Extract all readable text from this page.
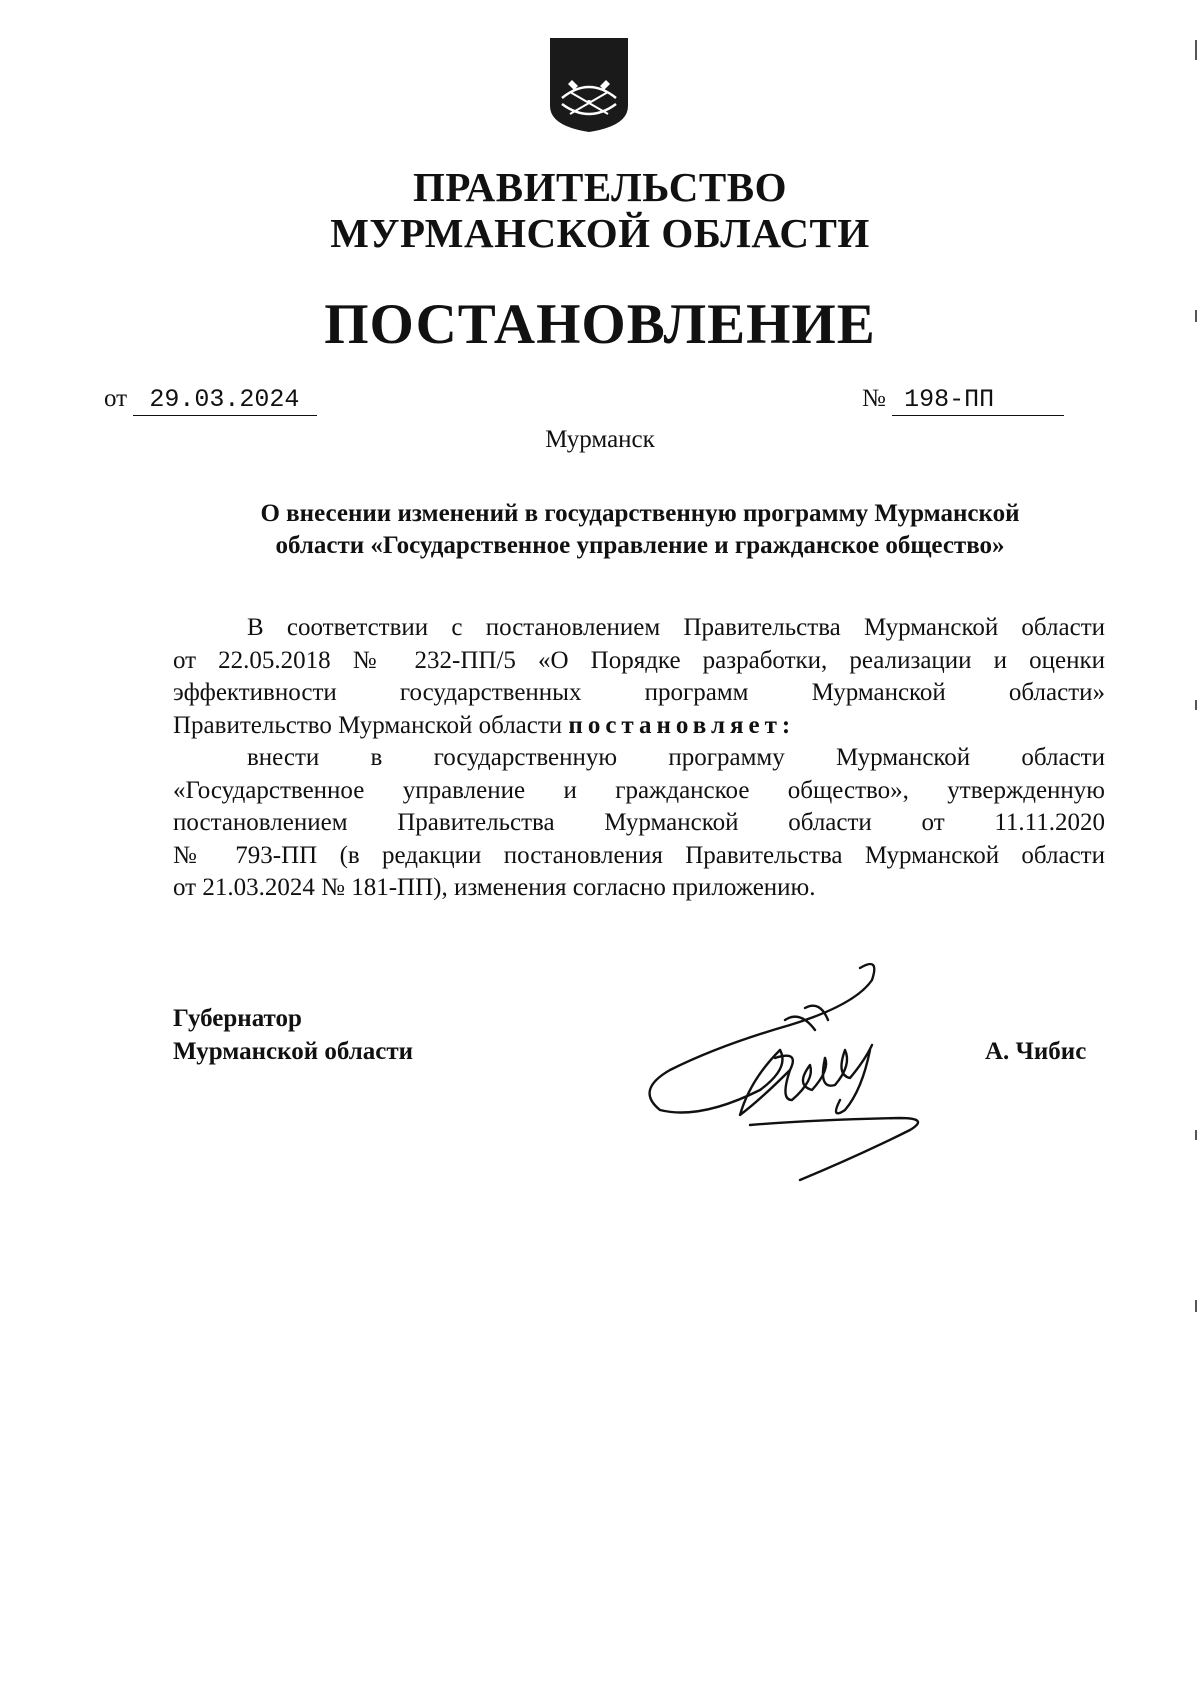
ПРАВИТЕЛЬСТВО
МУРМАНСКОЙ ОБЛАСТИ
ПОСТАНОВЛЕНИЕ
от 29.03.2024	№ 198-ПП
Мурманск
О внесении изменений в государственную программу Мурманской
области «Государственное управление и гражданское общество»
В соответствии с постановлением Правительства Мурманской области
от 22.05.2018 № 232-ПП/5 «О Порядке разработки, реализации и оценки
эффективности государственных программ Мурманской области»
Правительство Мурманской области постановляет:
внести в государственную программу Мурманской области
«Государственное управление и гражданское общество», утвержденную
постановлением Правительства Мурманской области от 11.11.2020
№ 793-ПП (в редакции постановления Правительства Мурманской области
от 21.03.2024 № 181-ПП), изменения согласно приложению.
Губернатор
Мурманской области	А. Чибис
